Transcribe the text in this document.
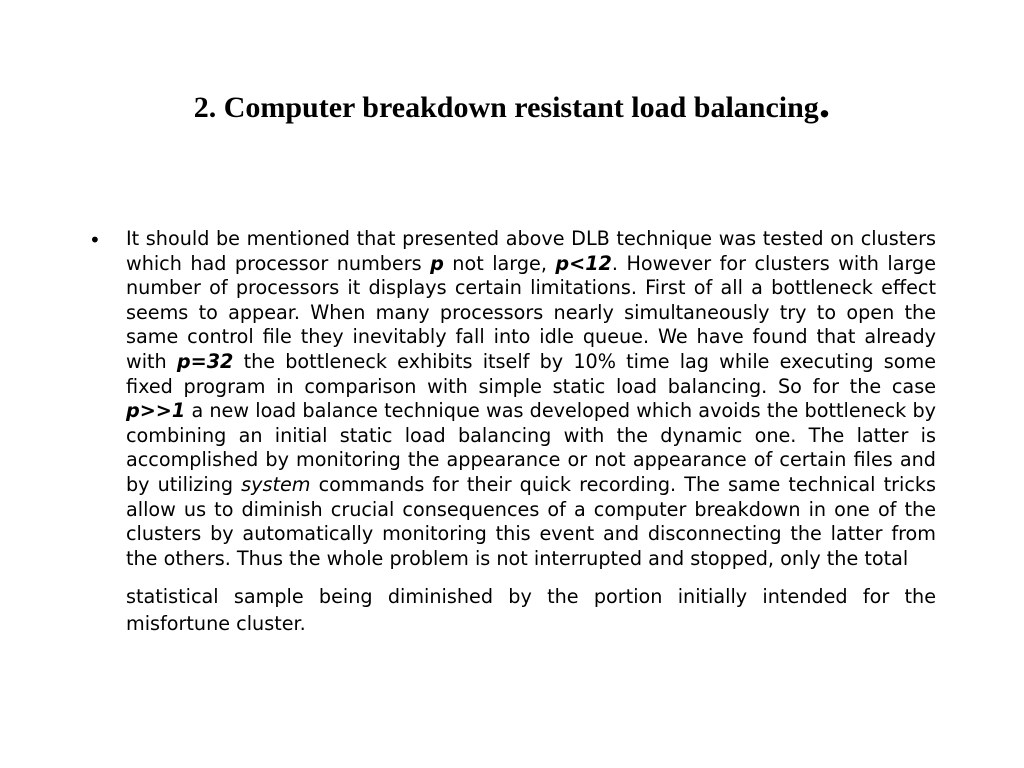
2. Computer breakdown resistant load balancing.
• It should be mentioned that presented above DLB technique was tested on clusters which had processor numbers p not large, p<12. However for clusters with large number of processors it displays certain limitations. First of all a bottleneck effect seems to appear. When many processors nearly simultaneously try to open the same control file they inevitably fall into idle queue. We have found that already with p=32 the bottleneck exhibits itself by 10% time lag while executing some fixed program in comparison with simple static load balancing. So for the case p>>1 a new load balance technique was developed which avoids the bottleneck by combining an initial static load balancing with the dynamic one. The latter is accomplished by monitoring the appearance or not appearance of certain files and by utilizing system commands for their quick recording. The same technical tricks allow us to diminish crucial consequences of a computer breakdown in one of the clusters by automatically monitoring this event and disconnecting the latter from the others. Thus the whole problem is not interrupted and stopped, only the total
statistical sample being diminished by the portion initially intended for the misfortune cluster.
